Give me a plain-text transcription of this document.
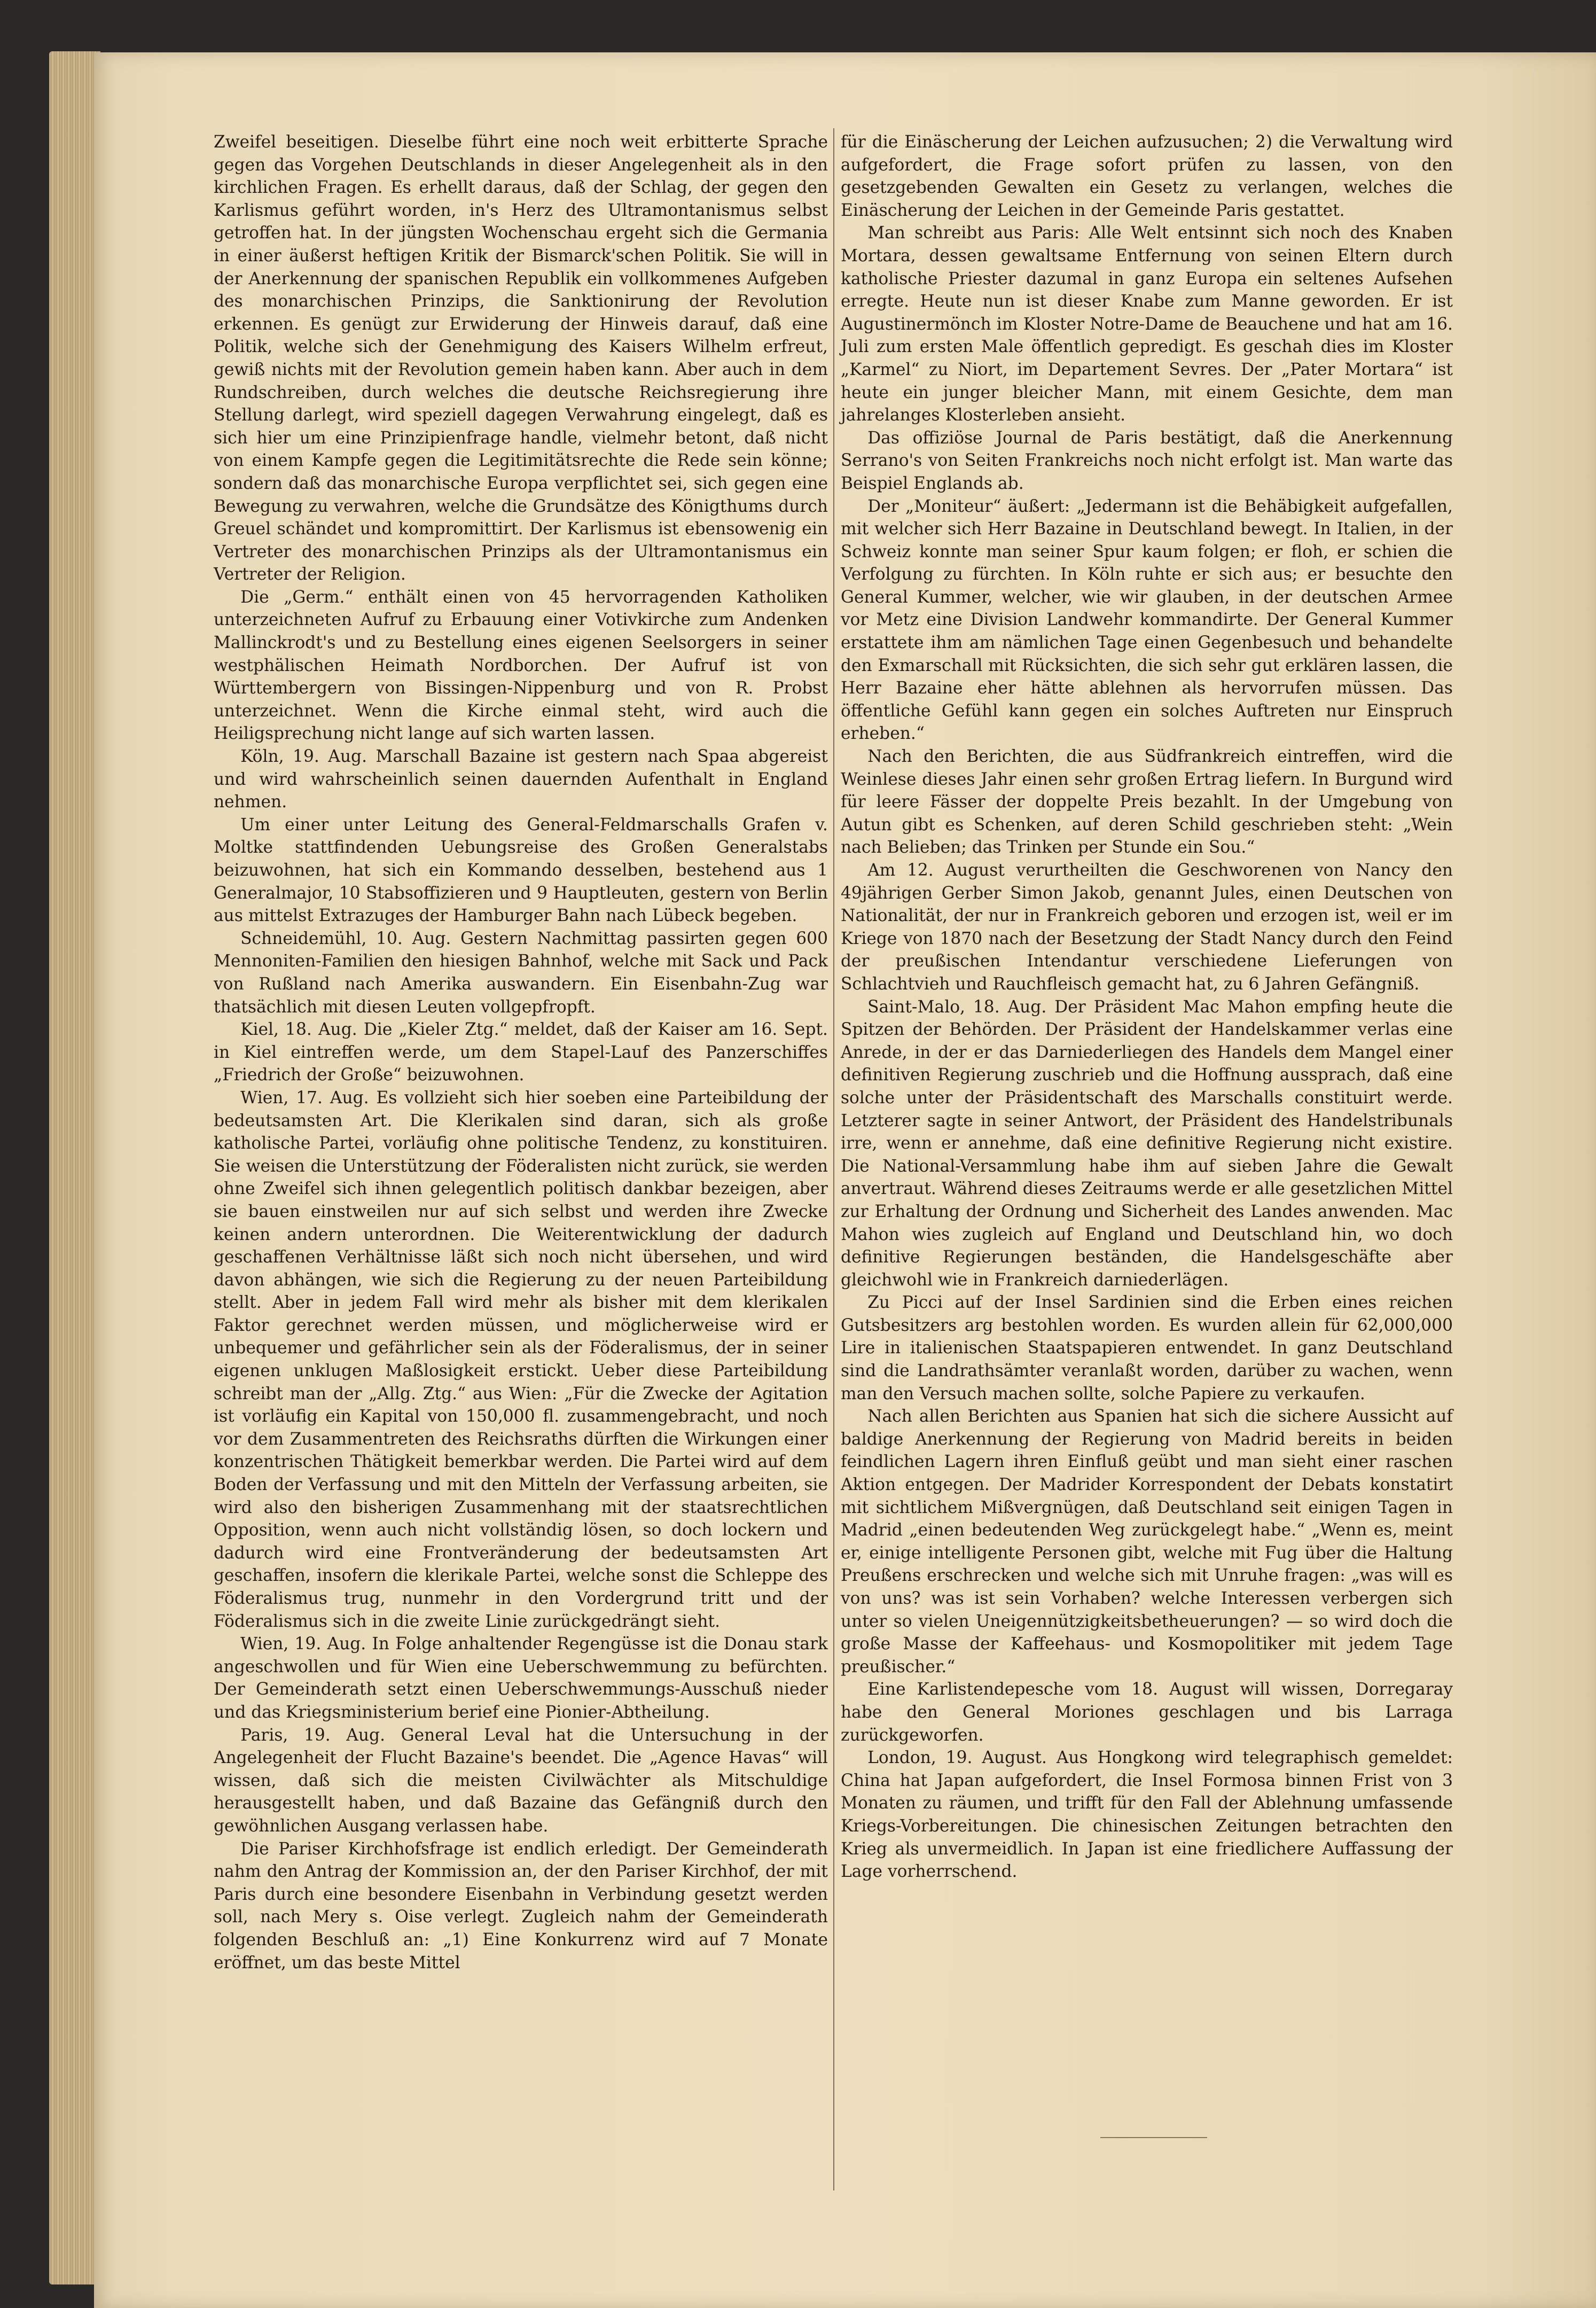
Zweifel beseitigen. Dieselbe führt eine noch weit erbitterte Sprache gegen das Vorgehen Deutschlands in dieser Angelegenheit als in den kirchlichen Fragen. Es erhellt daraus, daß der Schlag, der gegen den Karlismus geführt worden, in's Herz des Ultramontanismus selbst getroffen hat. In der jüngsten Wochenschau ergeht sich die Germania in einer äußerst heftigen Kritik der Bismarck'schen Politik. Sie will in der Anerkennung der spanischen Republik ein vollkommenes Aufgeben des monarchischen Prinzips, die Sanktionirung der Revolution erkennen. Es genügt zur Erwiderung der Hinweis darauf, daß eine Politik, welche sich der Genehmigung des Kaisers Wilhelm erfreut, gewiß nichts mit der Revolution gemein haben kann. Aber auch in dem Rundschreiben, durch welches die deutsche Reichsregierung ihre Stellung darlegt, wird speziell dagegen Verwahrung eingelegt, daß es sich hier um eine Prinzipienfrage handle, vielmehr betont, daß nicht von einem Kampfe gegen die Legitimitätsrechte die Rede sein könne; sondern daß das monarchische Europa verpflichtet sei, sich gegen eine Bewegung zu verwahren, welche die Grundsätze des Königthums durch Greuel schändet und kompromittirt. Der Karlismus ist ebensowenig ein Vertreter des monarchischen Prinzips als der Ultramontanismus ein Vertreter der Religion.

Die „Germ.“ enthält einen von 45 hervorragenden Katholiken unterzeichneten Aufruf zu Erbauung einer Votivkirche zum Andenken Mallinckrodt's und zu Bestellung eines eigenen Seelsorgers in seiner westphälischen Heimath Nordborchen. Der Aufruf ist von Württembergern von Bissingen-Nippenburg und von R. Probst unterzeichnet. Wenn die Kirche einmal steht, wird auch die Heiligsprechung nicht lange auf sich warten lassen.

Köln, 19. Aug. Marschall Bazaine ist gestern nach Spaa abgereist und wird wahrscheinlich seinen dauernden Aufenthalt in England nehmen.

Um einer unter Leitung des General-Feldmarschalls Grafen v. Moltke stattfindenden Uebungsreise des Großen Generalstabs beizuwohnen, hat sich ein Kommando desselben, bestehend aus 1 Generalmajor, 10 Stabsoffizieren und 9 Hauptleuten, gestern von Berlin aus mittelst Extrazuges der Hamburger Bahn nach Lübeck begeben.

Schneidemühl, 10. Aug. Gestern Nachmittag passirten gegen 600 Mennoniten-Familien den hiesigen Bahnhof, welche mit Sack und Pack von Rußland nach Amerika auswandern. Ein Eisenbahn-Zug war thatsächlich mit diesen Leuten vollgepfropft.

Kiel, 18. Aug. Die „Kieler Ztg.“ meldet, daß der Kaiser am 16. Sept. in Kiel eintreffen werde, um dem Stapel-Lauf des Panzerschiffes „Friedrich der Große“ beizuwohnen.

Wien, 17. Aug. Es vollzieht sich hier soeben eine Parteibildung der bedeutsamsten Art. Die Klerikalen sind daran, sich als große katholische Partei, vorläufig ohne politische Tendenz, zu konstituiren. Sie weisen die Unterstützung der Föderalisten nicht zurück, sie werden ohne Zweifel sich ihnen gelegentlich politisch dankbar bezeigen, aber sie bauen einstweilen nur auf sich selbst und werden ihre Zwecke keinen andern unterordnen. Die Weiterentwicklung der dadurch geschaffenen Verhältnisse läßt sich noch nicht übersehen, und wird davon abhängen, wie sich die Regierung zu der neuen Parteibildung stellt. Aber in jedem Fall wird mehr als bisher mit dem klerikalen Faktor gerechnet werden müssen, und möglicherweise wird er unbequemer und gefährlicher sein als der Föderalismus, der in seiner eigenen unklugen Maßlosigkeit erstickt. Ueber diese Parteibildung schreibt man der „Allg. Ztg.“ aus Wien: „Für die Zwecke der Agitation ist vorläufig ein Kapital von 150,000 fl. zusammengebracht, und noch vor dem Zusammentreten des Reichsraths dürften die Wirkungen einer konzentrischen Thätigkeit bemerkbar werden. Die Partei wird auf dem Boden der Verfassung und mit den Mitteln der Verfassung arbeiten, sie wird also den bisherigen Zusammenhang mit der staatsrechtlichen Opposition, wenn auch nicht vollständig lösen, so doch lockern und dadurch wird eine Frontveränderung der bedeutsamsten Art geschaffen, insofern die klerikale Partei, welche sonst die Schleppe des Föderalismus trug, nunmehr in den Vordergrund tritt und der Föderalismus sich in die zweite Linie zurückgedrängt sieht.

Wien, 19. Aug. In Folge anhaltender Regengüsse ist die Donau stark angeschwollen und für Wien eine Ueberschwemmung zu befürchten. Der Gemeinderath setzt einen Ueberschwemmungs-Ausschuß nieder und das Kriegsministerium berief eine Pionier-Abtheilung.

Paris, 19. Aug. General Leval hat die Untersuchung in der Angelegenheit der Flucht Bazaine's beendet. Die „Agence Havas“ will wissen, daß sich die meisten Civilwächter als Mitschuldige herausgestellt haben, und daß Bazaine das Gefängniß durch den gewöhnlichen Ausgang verlassen habe.

Die Pariser Kirchhofsfrage ist endlich erledigt. Der Gemeinderath nahm den Antrag der Kommission an, der den Pariser Kirchhof, der mit Paris durch eine besondere Eisenbahn in Verbindung gesetzt werden soll, nach Mery s. Oise verlegt. Zugleich nahm der Gemeinderath folgenden Beschluß an: „1) Eine Konkurrenz wird auf 7 Monate eröffnet, um das beste Mittel

für die Einäscherung der Leichen aufzusuchen; 2) die Verwaltung wird aufgefordert, die Frage sofort prüfen zu lassen, von den gesetzgebenden Gewalten ein Gesetz zu verlangen, welches die Einäscherung der Leichen in der Gemeinde Paris gestattet.

Man schreibt aus Paris: Alle Welt entsinnt sich noch des Knaben Mortara, dessen gewaltsame Entfernung von seinen Eltern durch katholische Priester dazumal in ganz Europa ein seltenes Aufsehen erregte. Heute nun ist dieser Knabe zum Manne geworden. Er ist Augustinermönch im Kloster Notre-Dame de Beauchene und hat am 16. Juli zum ersten Male öffentlich gepredigt. Es geschah dies im Kloster „Karmel“ zu Niort, im Departement Sevres. Der „Pater Mortara“ ist heute ein junger bleicher Mann, mit einem Gesichte, dem man jahrelanges Klosterleben ansieht.

Das offiziöse Journal de Paris bestätigt, daß die Anerkennung Serrano's von Seiten Frankreichs noch nicht erfolgt ist. Man warte das Beispiel Englands ab.

Der „Moniteur“ äußert: „Jedermann ist die Behäbigkeit aufgefallen, mit welcher sich Herr Bazaine in Deutschland bewegt. In Italien, in der Schweiz konnte man seiner Spur kaum folgen; er floh, er schien die Verfolgung zu fürchten. In Köln ruhte er sich aus; er besuchte den General Kummer, welcher, wie wir glauben, in der deutschen Armee vor Metz eine Division Landwehr kommandirte. Der General Kummer erstattete ihm am nämlichen Tage einen Gegenbesuch und behandelte den Exmarschall mit Rücksichten, die sich sehr gut erklären lassen, die Herr Bazaine eher hätte ablehnen als hervorrufen müssen. Das öffentliche Gefühl kann gegen ein solches Auftreten nur Einspruch erheben.“

Nach den Berichten, die aus Südfrankreich eintreffen, wird die Weinlese dieses Jahr einen sehr großen Ertrag liefern. In Burgund wird für leere Fässer der doppelte Preis bezahlt. In der Umgebung von Autun gibt es Schenken, auf deren Schild geschrieben steht: „Wein nach Belieben; das Trinken per Stunde ein Sou.“

Am 12. August verurtheilten die Geschworenen von Nancy den 49jährigen Gerber Simon Jakob, genannt Jules, einen Deutschen von Nationalität, der nur in Frankreich geboren und erzogen ist, weil er im Kriege von 1870 nach der Besetzung der Stadt Nancy durch den Feind der preußischen Intendantur verschiedene Lieferungen von Schlachtvieh und Rauchfleisch gemacht hat, zu 6 Jahren Gefängniß.

Saint-Malo, 18. Aug. Der Präsident Mac Mahon empfing heute die Spitzen der Behörden. Der Präsident der Handelskammer verlas eine Anrede, in der er das Darniederliegen des Handels dem Mangel einer definitiven Regierung zuschrieb und die Hoffnung aussprach, daß eine solche unter der Präsidentschaft des Marschalls constituirt werde. Letzterer sagte in seiner Antwort, der Präsident des Handelstribunals irre, wenn er annehme, daß eine definitive Regierung nicht existire. Die National-Versammlung habe ihm auf sieben Jahre die Gewalt anvertraut. Während dieses Zeitraums werde er alle gesetzlichen Mittel zur Erhaltung der Ordnung und Sicherheit des Landes anwenden. Mac Mahon wies zugleich auf England und Deutschland hin, wo doch definitive Regierungen beständen, die Handelsgeschäfte aber gleichwohl wie in Frankreich darniederlägen.

Zu Picci auf der Insel Sardinien sind die Erben eines reichen Gutsbesitzers arg bestohlen worden. Es wurden allein für 62,000,000 Lire in italienischen Staatspapieren entwendet. In ganz Deutschland sind die Landrathsämter veranlaßt worden, darüber zu wachen, wenn man den Versuch machen sollte, solche Papiere zu verkaufen.

Nach allen Berichten aus Spanien hat sich die sichere Aussicht auf baldige Anerkennung der Regierung von Madrid bereits in beiden feindlichen Lagern ihren Einfluß geübt und man sieht einer raschen Aktion entgegen. Der Madrider Korrespondent der Debats konstatirt mit sichtlichem Mißvergnügen, daß Deutschland seit einigen Tagen in Madrid „einen bedeutenden Weg zurückgelegt habe.“ „Wenn es, meint er, einige intelligente Personen gibt, welche mit Fug über die Haltung Preußens erschrecken und welche sich mit Unruhe fragen: „was will es von uns? was ist sein Vorhaben? welche Interessen verbergen sich unter so vielen Uneigennützigkeitsbetheuerungen? — so wird doch die große Masse der Kaffeehaus- und Kosmopolitiker mit jedem Tage preußischer.“

Eine Karlistendepesche vom 18. August will wissen, Dorregaray habe den General Moriones geschlagen und bis Larraga zurückgeworfen.

London, 19. August. Aus Hongkong wird telegraphisch gemeldet: China hat Japan aufgefordert, die Insel Formosa binnen Frist von 3 Monaten zu räumen, und trifft für den Fall der Ablehnung umfassende Kriegs-Vorbereitungen. Die chinesischen Zeitungen betrachten den Krieg als unvermeidlich. In Japan ist eine friedlichere Auffassung der Lage vorherrschend.
